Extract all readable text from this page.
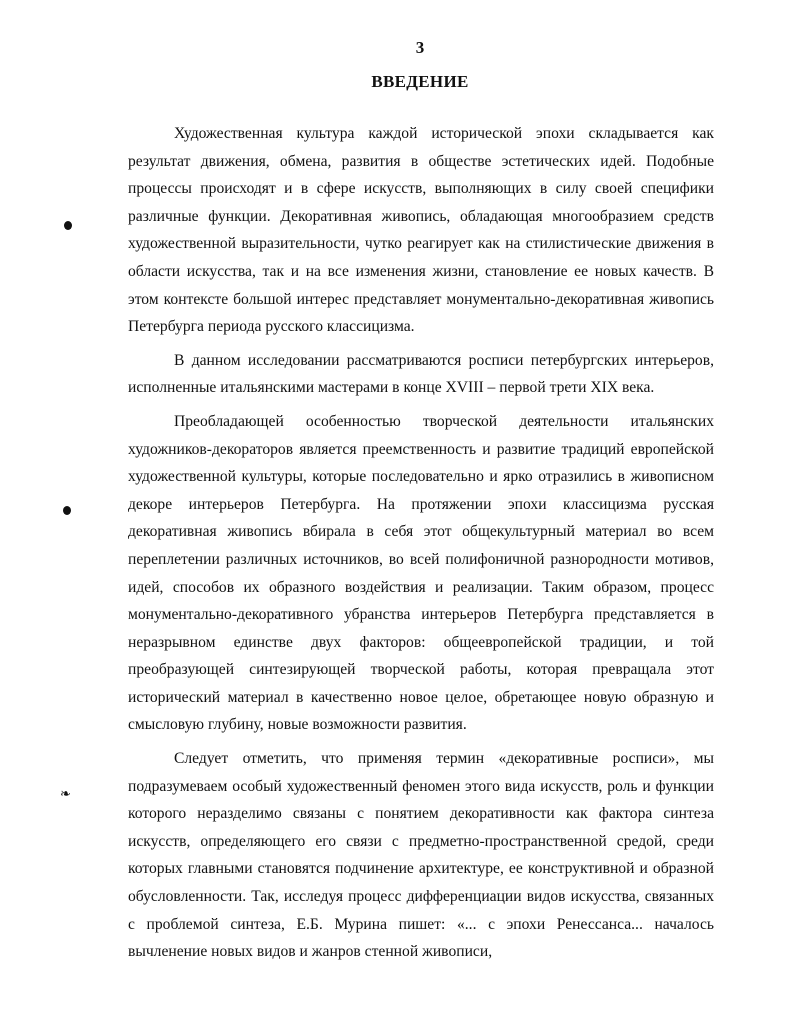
3
ВВЕДЕНИЕ

Художественная культура каждой исторической эпохи складывается как результат движения, обмена, развития в обществе эстетических идей. Подобные процессы происходят и в сфере искусств, выполняющих в силу своей специфики различные функции. Декоративная живопись, обладающая многообразием средств художественной выразительности, чутко реагирует как на стилистические движения в области искусства, так и на все изменения жизни, становление ее новых качеств. В этом контексте большой интерес представляет монументально-декоративная живопись Петербурга периода русского классицизма.

В данном исследовании рассматриваются росписи петербургских интерьеров, исполненные итальянскими мастерами в конце XVIII – первой трети XIX века.

Преобладающей особенностью творческой деятельности итальянских художников-декораторов является преемственность и развитие традиций европейской художественной культуры, которые последовательно и ярко отразились в живописном декоре интерьеров Петербурга. На протяжении эпохи классицизма русская декоративная живопись вбирала в себя этот общекультурный материал во всем переплетении различных источников, во всей полифоничной разнородности мотивов, идей, способов их образного воздействия и реализации. Таким образом, процесс монументально-декоративного убранства интерьеров Петербурга представляется в неразрывном единстве двух факторов: общеевропейской традиции, и той преобразующей синтезирующей творческой работы, которая превращала этот исторический материал в качественно новое целое, обретающее новую образную и смысловую глубину, новые возможности развития.

Следует отметить, что применяя термин «декоративные росписи», мы подразумеваем особый художественный феномен этого вида искусств, роль и функции которого неразделимо связаны с понятием декоративности как фактора синтеза искусств, определяющего его связи с предметно-пространственной средой, среди которых главными становятся подчинение архитектуре, ее конструктивной и образной обусловленности. Так, исследуя процесс дифференциации видов искусства, связанных с проблемой синтеза, Е.Б. Мурина пишет: «... с эпохи Ренессанса... началось вычленение новых видов и жанров стенной живописи,

❧
